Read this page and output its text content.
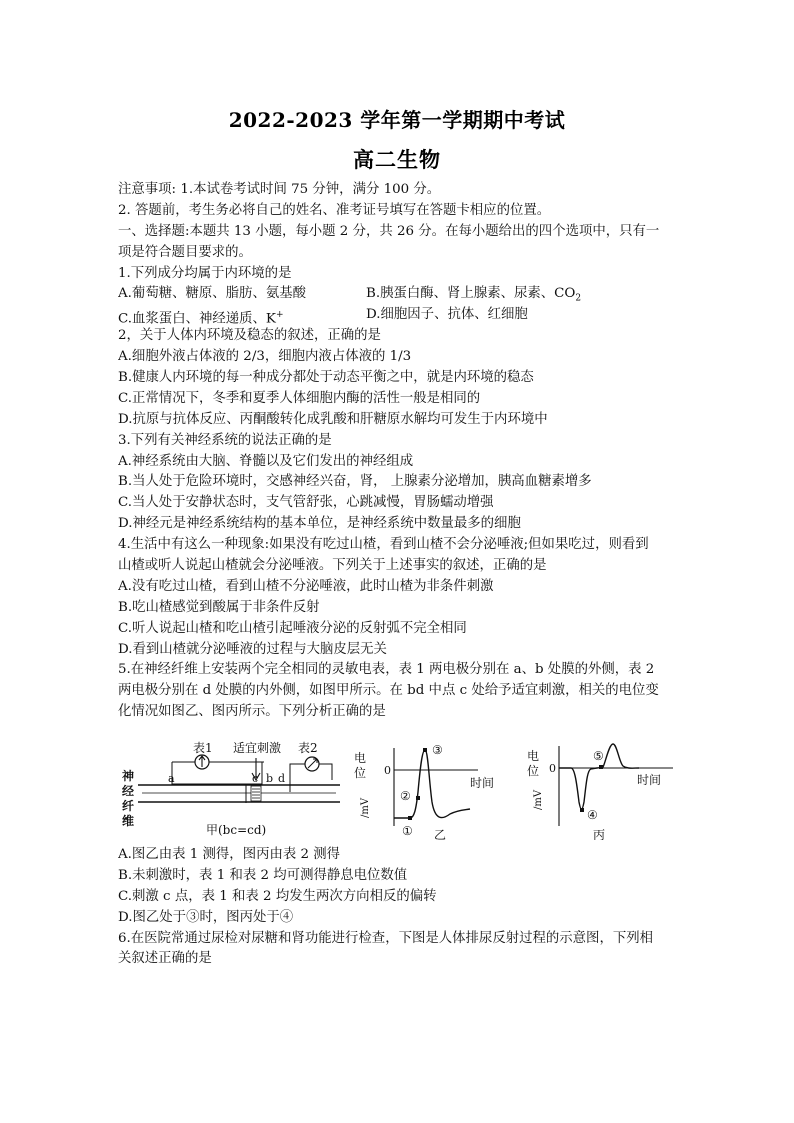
2022-2023 学年第一学期期中考试
高二生物
注意事项: 1.本试卷考试时间 75 分钟，满分 100 分。
2. 答题前，考生务必将自己的姓名、准考证号填写在答题卡相应的位置。
一、选择题:本题共 13 小题，每小题 2 分，共 26 分。在每小题给出的四个选项中，只有一
项是符合题目要求的。
1.下列成分均属于内环境的是
A.葡萄糖、糖原、脂肪、氨基酸	B.胰蛋白酶、肾上腺素、尿素、$CO_2$
C.血浆蛋白、神经递质、K+	D.细胞因子、抗体、红细胞
2，关于人体内环境及稳态的叙述，正确的是
A.细胞外液占体液的 2/3，细胞内液占体液的 1/3
B.健康人内环境的每一种成分都处于动态平衡之中，就是内环境的稳态
C.正常情况下，冬季和夏季人体细胞内酶的活性一般是相同的
D.抗原与抗体反应、丙酮酸转化成乳酸和肝糖原水解均可发生于内环境中
3.下列有关神经系统的说法正确的是
A.神经系统由大脑、脊髓以及它们发出的神经组成
B.当人处于危险环境时，交感神经兴奋，肾， 上腺素分泌增加，胰高血糖素增多
C.当人处于安静状态时，支气管舒张，心跳减慢，胃肠蠕动增强
D.神经元是神经系统结构的基本单位，是神经系统中数量最多的细胞
4.生活中有这么一种现象:如果没有吃过山楂，看到山楂不会分泌唾液;但如果吃过，则看到
山楂或听人说起山楂就会分泌唾液。下列关于上述事实的叙述，正确的是
A.没有吃过山楂，看到山楂不分泌唾液，此时山楂为非条件刺激
B.吃山楂感觉到酸属于非条件反射
C.听人说起山楂和吃山楂引起唾液分泌的反射弧不完全相同
D.看到山楂就分泌唾液的过程与大脑皮层无关
5.在神经纤维上安装两个完全相同的灵敏电表，表 1 两电极分别在 a、b 处膜的外侧，表 2
两电极分别在 d 处膜的内外侧，如图甲所示。在 bd 中点 c 处给予适宜刺激，相关的电位变
化情况如图乙、图丙所示。下列分析正确的是
神
经
纤
维
表1
a	b
适宜刺激
c
表2
d
甲(bc=cd)
电
位
/mV
0
时间
①
②
③
乙
电
位
/mV
0
时间
④
⑤
丙
A.图乙由表 1 测得，图丙由表 2 测得
B.未刺激时，表 1 和表 2 均可测得静息电位数值
C.刺激 c 点，表 1 和表 2 均发生两次方向相反的偏转
D.图乙处于③时，图丙处于④
6.在医院常通过尿检对尿糖和肾功能进行检查，下图是人体排尿反射过程的示意图，下列相
关叙述正确的是
